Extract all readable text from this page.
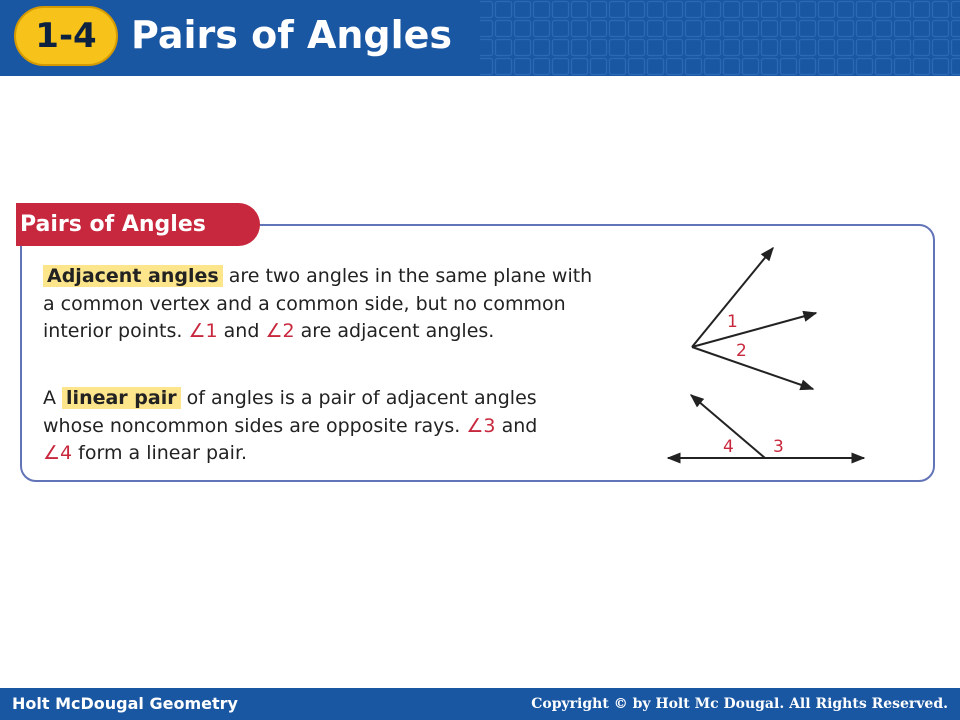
1-4 Pairs of Angles
Pairs of Angles
Adjacent angles are two angles in the same plane with
a common vertex and a common side, but no common
interior points. ∠1 and ∠2 are adjacent angles.
A linear pair of angles is a pair of adjacent angles
whose noncommon sides are opposite rays. ∠3 and
∠4 form a linear pair.
1
2
4 3
Holt McDougal Geometry	Copyright © by Holt Mc Dougal. All Rights Reserved.
